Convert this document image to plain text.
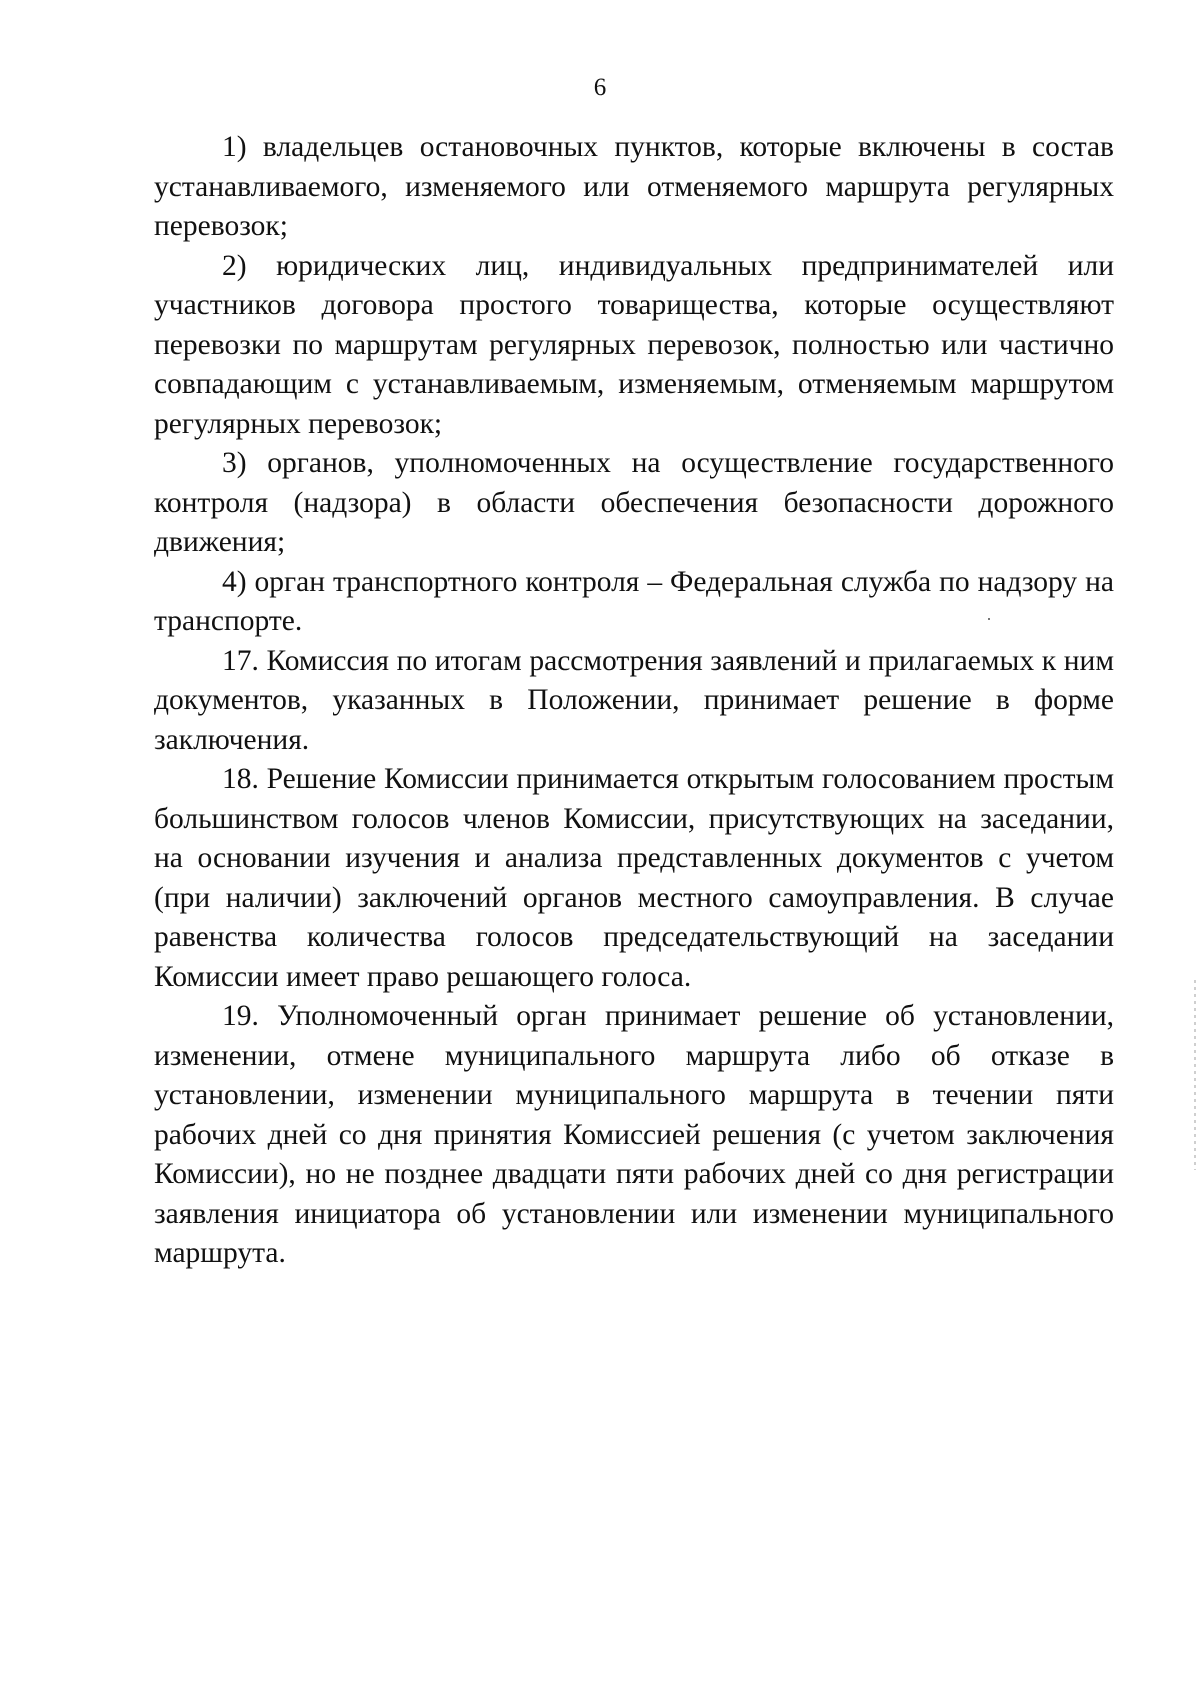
6

1) владельцев остановочных пунктов, которые включены в состав устанавливаемого, изменяемого или отменяемого маршрута регулярных перевозок;

2) юридических лиц, индивидуальных предпринимателей или участников договора простого товарищества, которые осуществляют перевозки по маршрутам регулярных перевозок, полностью или частично совпадающим с устанавливаемым, изменяемым, отменяемым маршрутом регулярных перевозок;

3) органов, уполномоченных на осуществление государственного контроля (надзора) в области обеспечения безопасности дорожного движения;

4) орган транспортного контроля – Федеральная служба по надзору на транспорте.

17. Комиссия по итогам рассмотрения заявлений и прилагаемых к ним документов, указанных в Положении, принимает решение в форме заключения.

18. Решение Комиссии принимается открытым голосованием простым большинством голосов членов Комиссии, присутствующих на заседании, на основании изучения и анализа представленных документов с учетом (при наличии) заключений органов местного самоуправления. В случае равенства количества голосов председательствующий на заседании Комиссии имеет право решающего голоса.

19. Уполномоченный орган принимает решение об установлении, изменении, отмене муниципального маршрута либо об отказе в установлении, изменении муниципального маршрута в течении пяти рабочих дней со дня принятия Комиссией решения (с учетом заключения Комиссии), но не позднее двадцати пяти рабочих дней со дня регистрации заявления инициатора об установлении или изменении муниципального маршрута.
